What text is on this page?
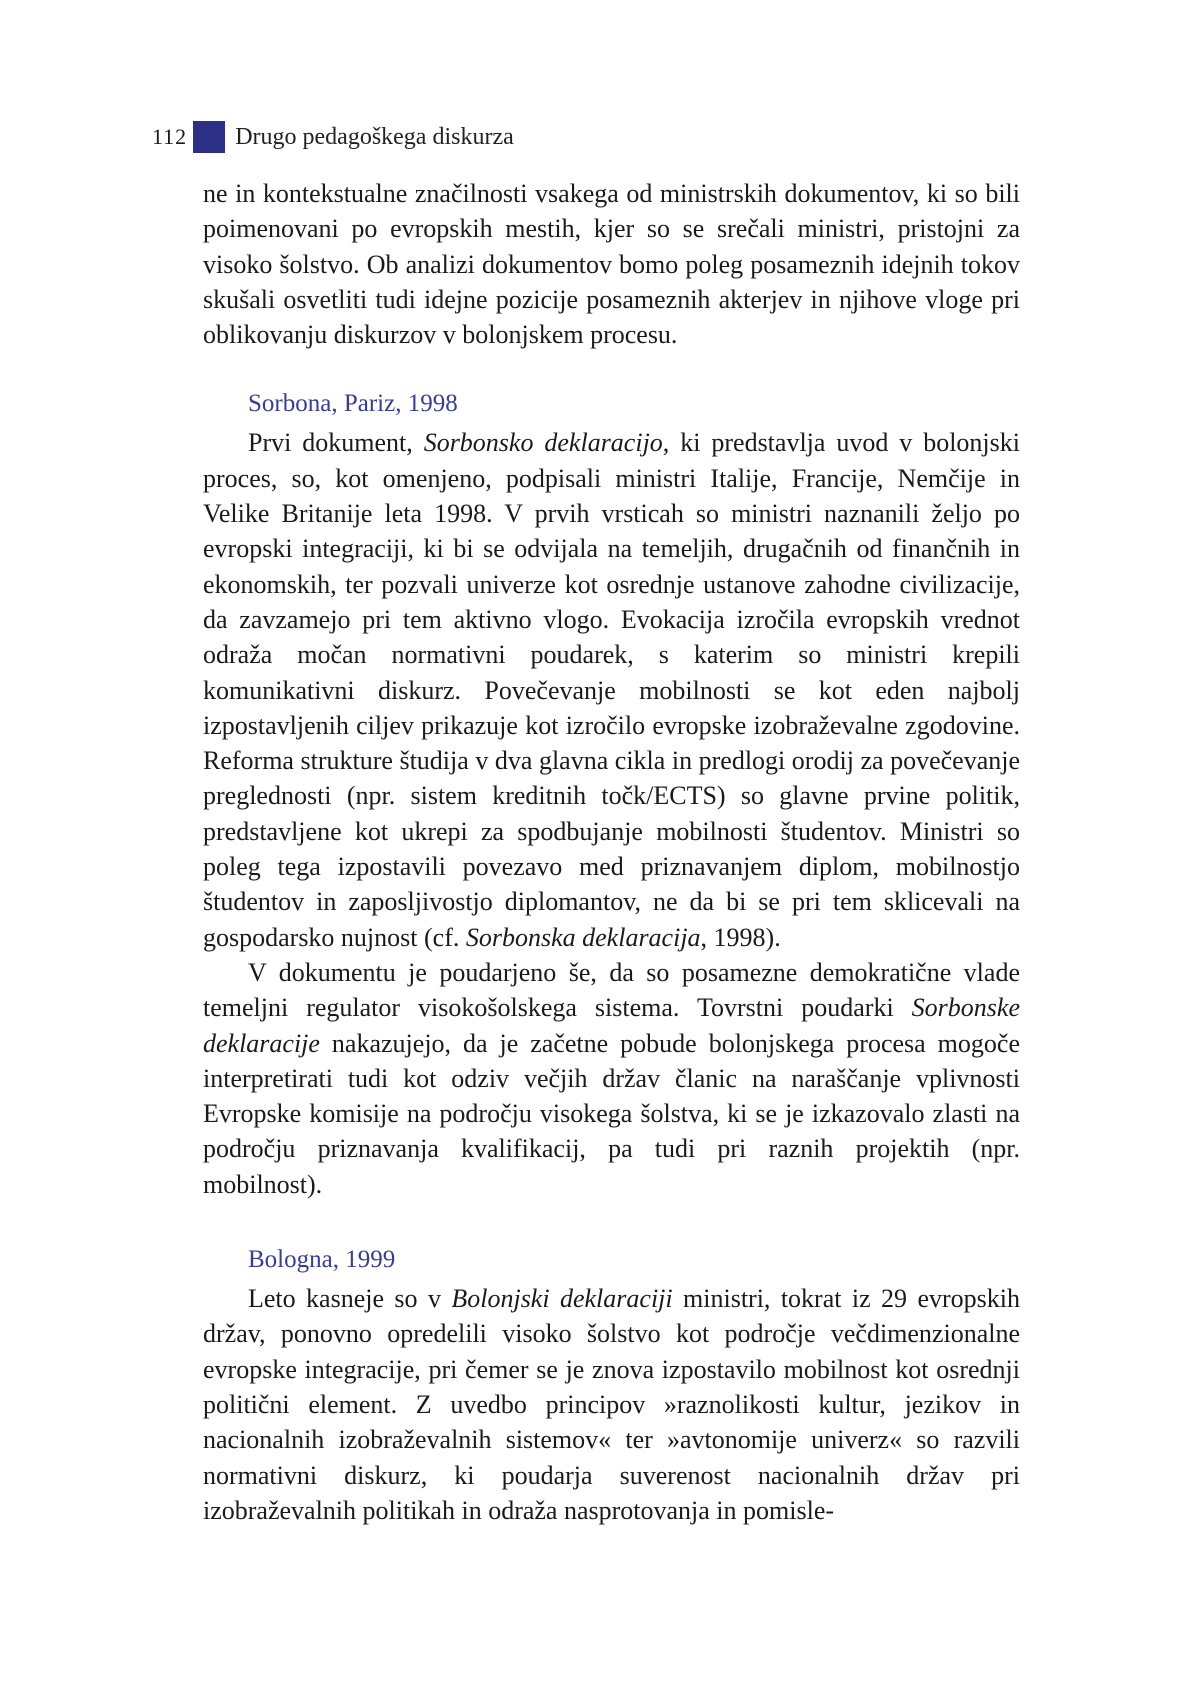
112 Drugo pedagoškega diskurza

ne in kontekstualne značilnosti vsakega od ministrskih dokumentov, ki so bili poimenovani po evropskih mestih, kjer so se srečali ministri, pristojni za visoko šolstvo. Ob analizi dokumentov bomo poleg posameznih idejnih tokov skušali osvetliti tudi idejne pozicije posameznih akterjev in njihove vloge pri oblikovanju diskurzov v bolonjskem procesu.

Sorbona, Pariz, 1998

Prvi dokument, Sorbonsko deklaracijo, ki predstavlja uvod v bolonjski proces, so, kot omenjeno, podpisali ministri Italije, Francije, Nemčije in Velike Britanije leta 1998. V prvih vrsticah so ministri naznanili željo po evropski integraciji, ki bi se odvijala na temeljih, drugačnih od finančnih in ekonomskih, ter pozvali univerze kot osrednje ustanove zahodne civilizacije, da zavzamejo pri tem aktivno vlogo. Evokacija izročila evropskih vrednot odraža močan normativni poudarek, s katerim so ministri krepili komunikativni diskurz. Povečevanje mobilnosti se kot eden najbolj izpostavljenih ciljev prikazuje kot izročilo evropske izobraževalne zgodovine. Reforma strukture študija v dva glavna cikla in predlogi orodij za povečevanje preglednosti (npr. sistem kreditnih točk/ECTS) so glavne prvine politik, predstavljene kot ukrepi za spodbujanje mobilnosti študentov. Ministri so poleg tega izpostavili povezavo med priznavanjem diplom, mobilnostjo študentov in zaposljivostjo diplomantov, ne da bi se pri tem sklicevali na gospodarsko nujnost (cf. Sorbonska deklaracija, 1998).

V dokumentu je poudarjeno še, da so posamezne demokratične vlade temeljni regulator visokošolskega sistema. Tovrstni poudarki Sorbonske deklaracije nakazujejo, da je začetne pobude bolonjskega procesa mogoče interpretirati tudi kot odziv večjih držav članic na naraščanje vplivnosti Evropske komisije na področju visokega šolstva, ki se je izkazovalo zlasti na področju priznavanja kvalifikacij, pa tudi pri raznih projektih (npr. mobilnost).

Bologna, 1999

Leto kasneje so v Bolonjski deklaraciji ministri, tokrat iz 29 evropskih držav, ponovno opredelili visoko šolstvo kot področje večdimenzionalne evropske integracije, pri čemer se je znova izpostavilo mobilnost kot osrednji politični element. Z uvedbo principov »raznolikosti kultur, jezikov in nacionalnih izobraževalnih sistemov« ter »avtonomije univerz« so razvili normativni diskurz, ki poudarja suverenost nacionalnih držav pri izobraževalnih politikah in odraža nasprotovanja in pomisle-
